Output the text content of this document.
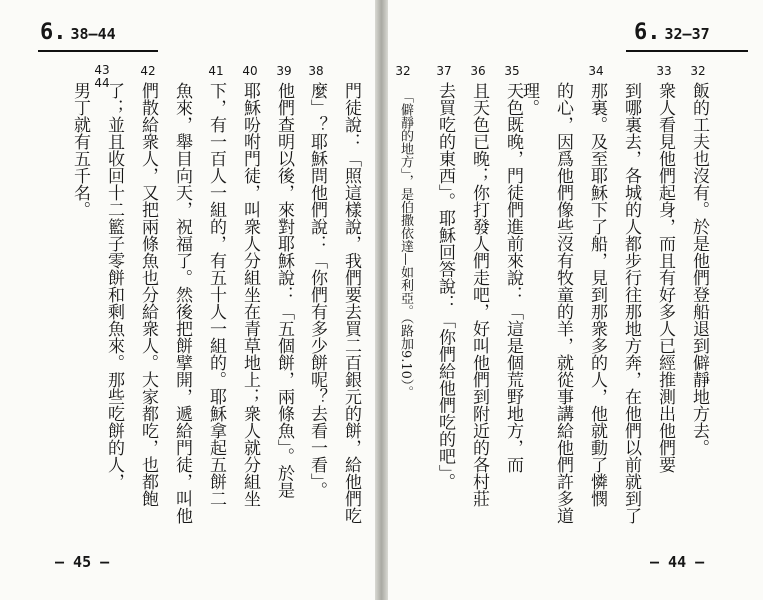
6. 38—44
38
39
40
41
42
43 44	門徒說：「照這樣說，我們要去買二百銀元的餅，給他們吃
麼」？耶穌問他們說：「你們有多少餅呢？去看一看」。
他們查明以後，來對耶穌說：「五個餅，兩條魚」。於是
耶穌吩咐門徒，叫衆人分組坐在青草地上；衆人就分組坐
下，有一百人一組的，有五十人一組的。耶穌拿起五餅二
魚來，舉目向天，祝福了。然後把餅擘開，遞給門徒，叫他
們散給衆人，又把兩條魚也分給衆人。大家都吃，也都飽
了；並且收回十二籃子零餅和剩魚來。那些吃餅的人，
男丁就有五千名。
— 45 —
6. 32—37
32
33
34
35
36
37
飯的工夫也沒有。於是他們登船退到僻靜地方去。
衆人看見他們起身，而且有好多人已經推測出他們要
到哪裏去，各城的人都步行往那地方奔，在他們以前就到了
那裏。及至耶穌下了船，見到那衆多的人，他就動了憐憫
的心，因爲他們像些沒有牧童的羊，就從事講給他們許多道
理。
天色既晚，門徒們進前來說：「這是個荒野地方，而
且天色已晚；你打發人們走吧，好叫他們到附近的各村莊
去買吃的東西」。耶穌回答說：「你們給他們吃的吧」。
32
「僻靜的地方」，是伯撒依達—如利亞。（路加9.10）。
— 44 —
